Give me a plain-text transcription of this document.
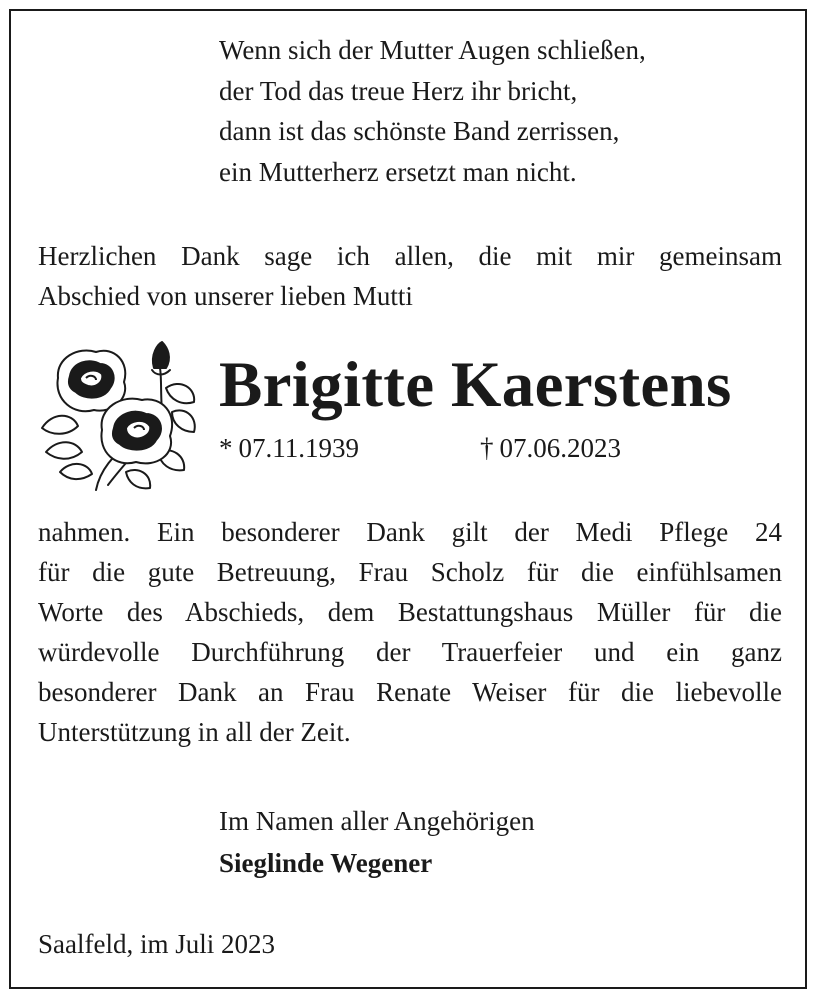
Wenn sich der Mutter Augen schließen,
der Tod das treue Herz ihr bricht,
dann ist das schönste Band zerrissen,
ein Mutterherz ersetzt man nicht.
Herzlichen Dank sage ich allen, die mit mir gemeinsam
Abschied von unserer lieben Mutti
Brigitte Kaerstens
* 07.11.1939	† 07.06.2023
nahmen. Ein besonderer Dank gilt der Medi Pflege 24
für die gute Betreuung, Frau Scholz für die einfühlsamen
Worte des Abschieds, dem Bestattungshaus Müller für die
würdevolle Durchführung der Trauerfeier und ein ganz
besonderer Dank an Frau Renate Weiser für die liebevolle
Unterstützung in all der Zeit.
Im Namen aller Angehörigen
Sieglinde Wegener
Saalfeld, im Juli 2023
